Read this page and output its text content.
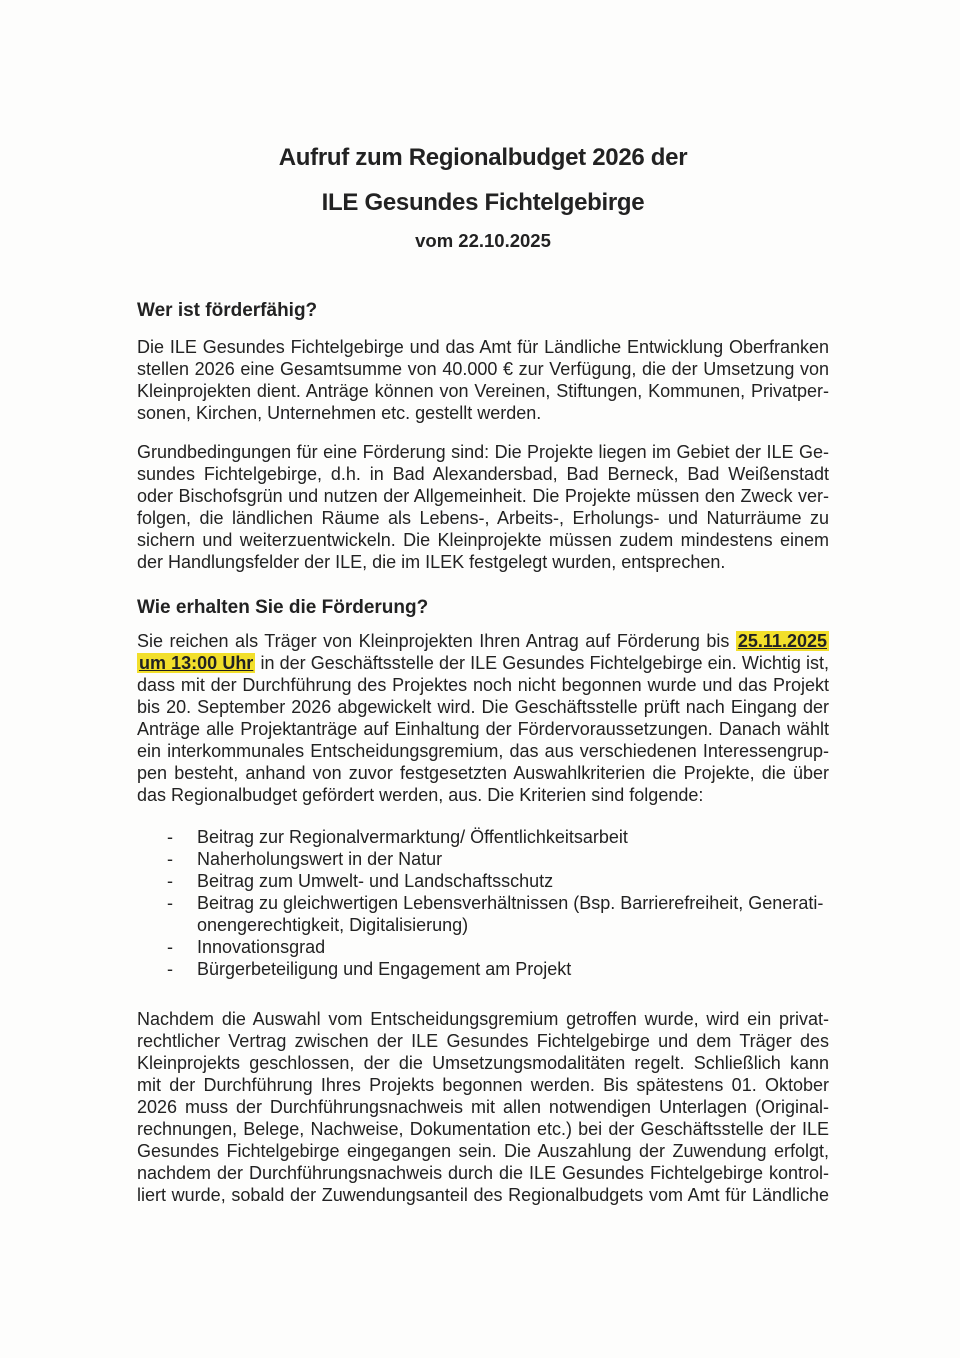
Aufruf zum Regionalbudget 2026 der
ILE Gesundes Fichtelgebirge
vom 22.10.2025
Wer ist förderfähig?
Die ILE Gesundes Fichtelgebirge und das Amt für Ländliche Entwicklung Oberfranken
stellen 2026 eine Gesamtsumme von 40.000 € zur Verfügung, die der Umsetzung von
Kleinprojekten dient. Anträge können von Vereinen, Stiftungen, Kommunen, Privatper-
sonen, Kirchen, Unternehmen etc. gestellt werden.
Grundbedingungen für eine Förderung sind: Die Projekte liegen im Gebiet der ILE Ge-
sundes Fichtelgebirge, d.h. in Bad Alexandersbad, Bad Berneck, Bad Weißenstadt
oder Bischofsgrün und nutzen der Allgemeinheit. Die Projekte müssen den Zweck ver-
folgen, die ländlichen Räume als Lebens-, Arbeits-, Erholungs- und Naturräume zu
sichern und weiterzuentwickeln. Die Kleinprojekte müssen zudem mindestens einem
der Handlungsfelder der ILE, die im ILEK festgelegt wurden, entsprechen.
Wie erhalten Sie die Förderung?
Sie reichen als Träger von Kleinprojekten Ihren Antrag auf Förderung bis 25.11.2025
um 13:00 Uhr in der Geschäftsstelle der ILE Gesundes Fichtelgebirge ein. Wichtig ist,
dass mit der Durchführung des Projektes noch nicht begonnen wurde und das Projekt
bis 20. September 2026 abgewickelt wird. Die Geschäftsstelle prüft nach Eingang der
Anträge alle Projektanträge auf Einhaltung der Fördervoraussetzungen. Danach wählt
ein interkommunales Entscheidungsgremium, das aus verschiedenen Interessengrup-
pen besteht, anhand von zuvor festgesetzten Auswahlkriterien die Projekte, die über
das Regionalbudget gefördert werden, aus. Die Kriterien sind folgende:
-	Beitrag zur Regionalvermarktung/ Öffentlichkeitsarbeit
-	Naherholungswert in der Natur
-	Beitrag zum Umwelt- und Landschaftsschutz
-	Beitrag zu gleichwertigen Lebensverhältnissen (Bsp. Barrierefreiheit, Generati-
onengerechtigkeit, Digitalisierung)
-	Innovationsgrad
-	Bürgerbeteiligung und Engagement am Projekt
Nachdem die Auswahl vom Entscheidungsgremium getroffen wurde, wird ein privat-
rechtlicher Vertrag zwischen der ILE Gesundes Fichtelgebirge und dem Träger des
Kleinprojekts geschlossen, der die Umsetzungsmodalitäten regelt. Schließlich kann
mit der Durchführung Ihres Projekts begonnen werden. Bis spätestens 01. Oktober
2026 muss der Durchführungsnachweis mit allen notwendigen Unterlagen (Original-
rechnungen, Belege, Nachweise, Dokumentation etc.) bei der Geschäftsstelle der ILE
Gesundes Fichtelgebirge eingegangen sein. Die Auszahlung der Zuwendung erfolgt,
nachdem der Durchführungsnachweis durch die ILE Gesundes Fichtelgebirge kontrol-
liert wurde, sobald der Zuwendungsanteil des Regionalbudgets vom Amt für Ländliche
